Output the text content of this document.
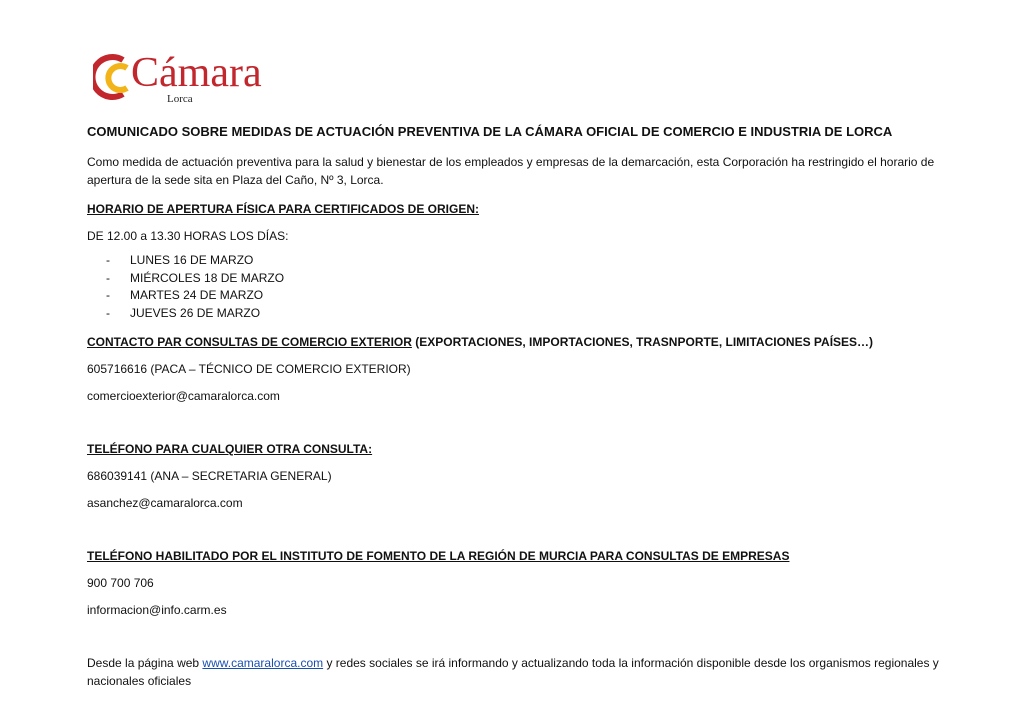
Cámara
Lorca

COMUNICADO SOBRE MEDIDAS DE ACTUACIÓN PREVENTIVA DE LA CÁMARA OFICIAL DE COMERCIO E INDUSTRIA DE LORCA

Como medida de actuación preventiva para la salud y bienestar de los empleados y empresas de la demarcación, esta Corporación ha restringido el horario de apertura de la sede sita en Plaza del Caño, Nº 3, Lorca.

HORARIO DE APERTURA FÍSICA PARA CERTIFICADOS DE ORIGEN:

DE 12.00 a 13.30 HORAS LOS DÍAS:

- LUNES 16 DE MARZO
- MIÉRCOLES 18 DE MARZO
- MARTES 24 DE MARZO
- JUEVES 26 DE MARZO

CONTACTO PAR CONSULTAS DE COMERCIO EXTERIOR (EXPORTACIONES, IMPORTACIONES, TRASNPORTE, LIMITACIONES PAÍSES…)

605716616 (PACA – TÉCNICO DE COMERCIO EXTERIOR)

comercioexterior@camaralorca.com

TELÉFONO PARA CUALQUIER OTRA CONSULTA:

686039141 (ANA – SECRETARIA GENERAL)

asanchez@camaralorca.com

TELÉFONO HABILITADO POR EL INSTITUTO DE FOMENTO DE LA REGIÓN DE MURCIA PARA CONSULTAS DE EMPRESAS

900 700 706

informacion@info.carm.es

Desde la página web www.camaralorca.com y redes sociales se irá informando y actualizando toda la información disponible desde los organismos regionales y nacionales oficiales
